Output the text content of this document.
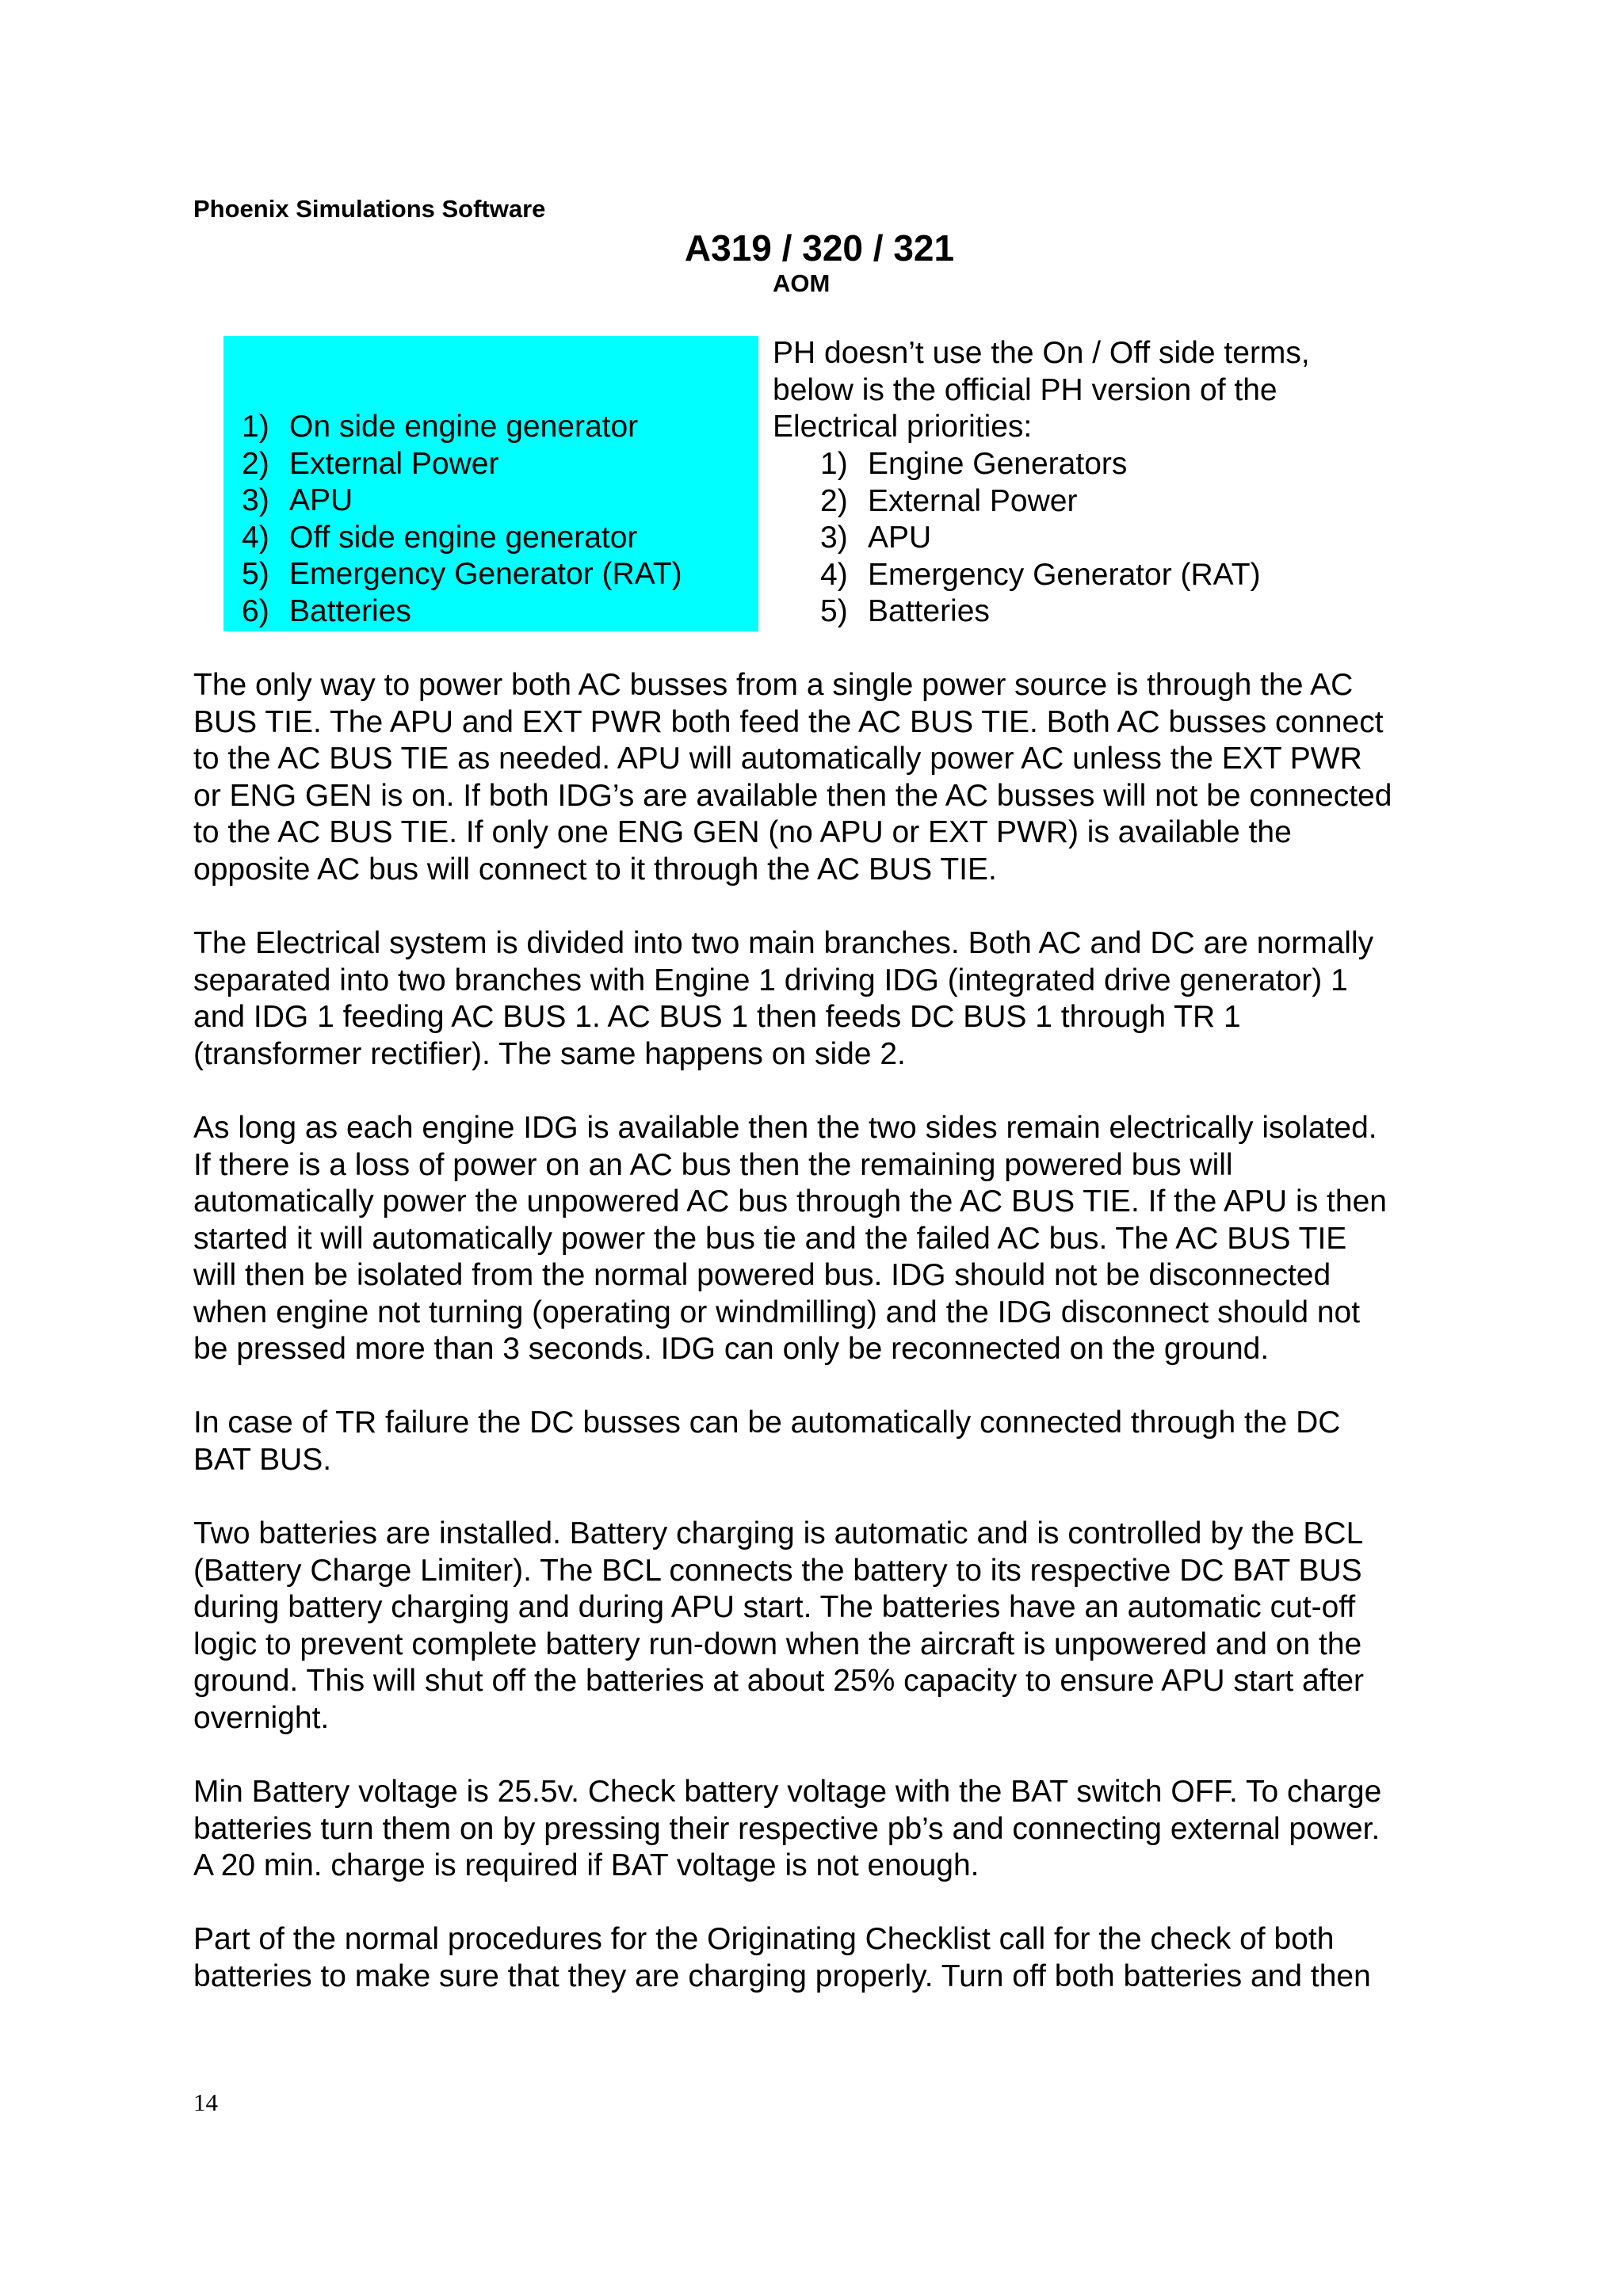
Phoenix Simulations Software
A319 / 320 / 321
AOM
1) On side engine generator
2) External Power
3) APU
4) Off side engine generator
5) Emergency Generator (RAT)
6) Batteries

PH doesn’t use the On / Off side terms,
below is the official PH version of the
Electrical priorities:

1) Engine Generators
2) External Power
3) APU
4) Emergency Generator (RAT)
5) Batteries

The only way to power both AC busses from a single power source is through the AC
BUS TIE. The APU and EXT PWR both feed the AC BUS TIE. Both AC busses connect
to the AC BUS TIE as needed. APU will automatically power AC unless the EXT PWR
or ENG GEN is on. If both IDG’s are available then the AC busses will not be connected
to the AC BUS TIE. If only one ENG GEN (no APU or EXT PWR) is available the
opposite AC bus will connect to it through the AC BUS TIE.

The Electrical system is divided into two main branches. Both AC and DC are normally
separated into two branches with Engine 1 driving IDG (integrated drive generator) 1
and IDG 1 feeding AC BUS 1. AC BUS 1 then feeds DC BUS 1 through TR 1
(transformer rectifier). The same happens on side 2.

As long as each engine IDG is available then the two sides remain electrically isolated.
If there is a loss of power on an AC bus then the remaining powered bus will
automatically power the unpowered AC bus through the AC BUS TIE. If the APU is then
started it will automatically power the bus tie and the failed AC bus. The AC BUS TIE
will then be isolated from the normal powered bus. IDG should not be disconnected
when engine not turning (operating or windmilling) and the IDG disconnect should not
be pressed more than 3 seconds. IDG can only be reconnected on the ground.

In case of TR failure the DC busses can be automatically connected through the DC
BAT BUS.

Two batteries are installed. Battery charging is automatic and is controlled by the BCL
(Battery Charge Limiter). The BCL connects the battery to its respective DC BAT BUS
during battery charging and during APU start. The batteries have an automatic cut-off
logic to prevent complete battery run-down when the aircraft is unpowered and on the
ground. This will shut off the batteries at about 25% capacity to ensure APU start after
overnight.

Min Battery voltage is 25.5v. Check battery voltage with the BAT switch OFF. To charge
batteries turn them on by pressing their respective pb’s and connecting external power.
A 20 min. charge is required if BAT voltage is not enough.

Part of the normal procedures for the Originating Checklist call for the check of both
batteries to make sure that they are charging properly. Turn off both batteries and then

14
